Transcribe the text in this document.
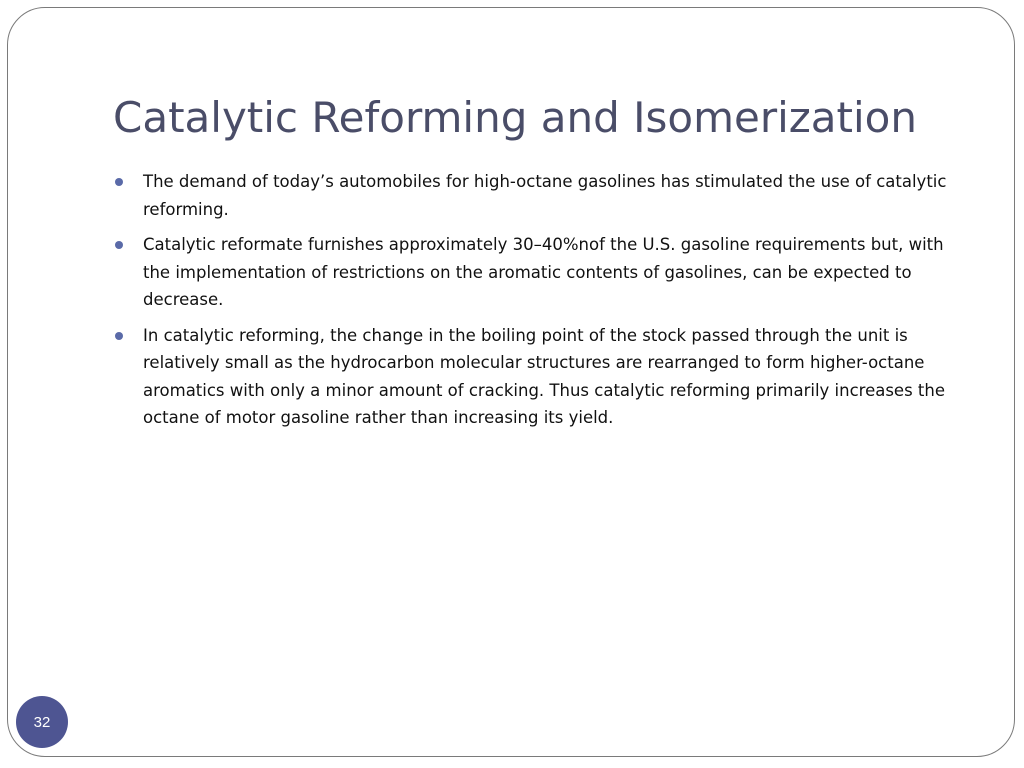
Catalytic Reforming and Isomerization
The demand of today’s automobiles for high-octane gasolines has stimulated the use of catalytic reforming.
Catalytic reformate furnishes approximately 30–40%nof the U.S. gasoline requirements but, with the implementation of restrictions on the aromatic contents of gasolines, can be expected to decrease.
In catalytic reforming, the change in the boiling point of the stock passed through the unit is relatively small as the hydrocarbon molecular structures are rearranged to form higher-octane aromatics with only a minor amount of cracking. Thus catalytic reforming primarily increases the octane of motor gasoline rather than increasing its yield.
32
